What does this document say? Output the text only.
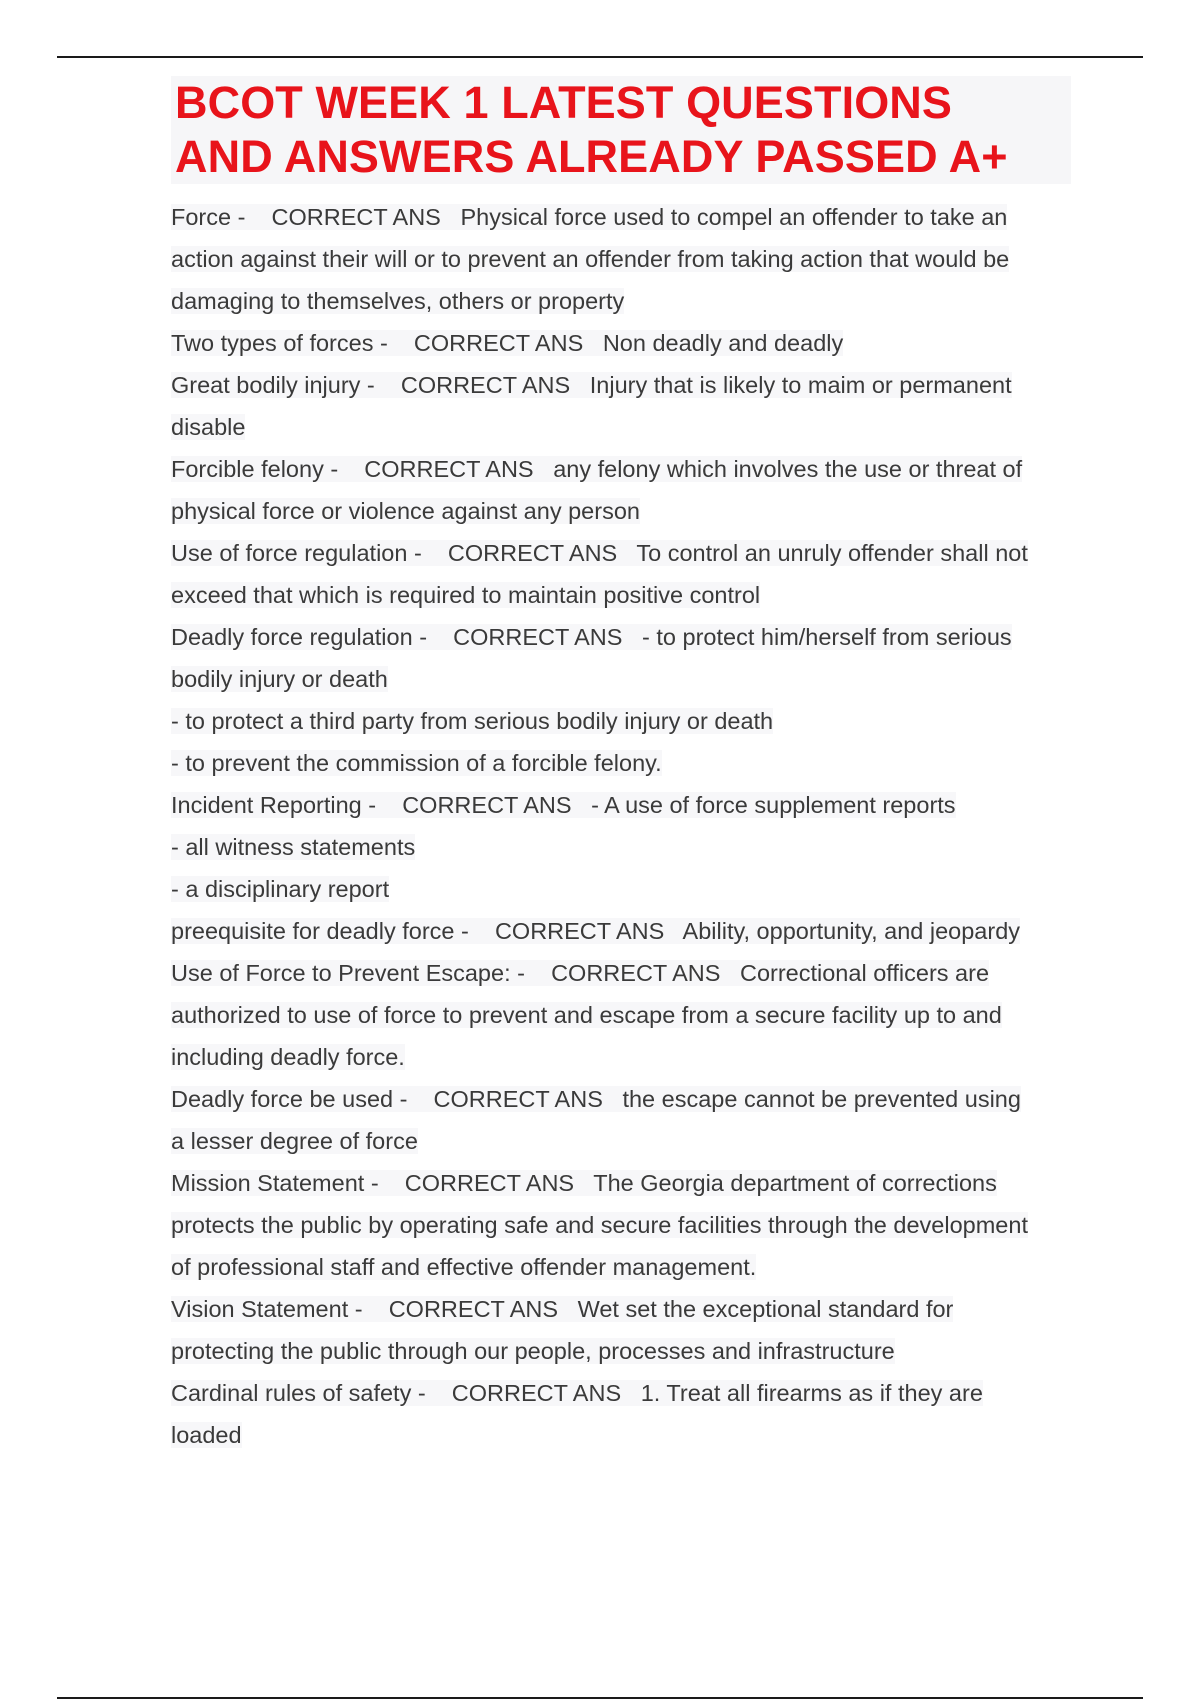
BCOT WEEK 1 LATEST QUESTIONS
AND ANSWERS ALREADY PASSED A+
Force -    CORRECT ANS   Physical force used to compel an offender to take an
action against their will or to prevent an offender from taking action that would be
damaging to themselves, others or property
Two types of forces -    CORRECT ANS   Non deadly and deadly
Great bodily injury -    CORRECT ANS   Injury that is likely to maim or permanent
disable
Forcible felony -    CORRECT ANS   any felony which involves the use or threat of
physical force or violence against any person
Use of force regulation -    CORRECT ANS   To control an unruly offender shall not
exceed that which is required to maintain positive control
Deadly force regulation -    CORRECT ANS   - to protect him/herself from serious
bodily injury or death
- to protect a third party from serious bodily injury or death
- to prevent the commission of a forcible felony.
Incident Reporting -    CORRECT ANS   - A use of force supplement reports
- all witness statements
- a disciplinary report
preequisite for deadly force -    CORRECT ANS   Ability, opportunity, and jeopardy
Use of Force to Prevent Escape: -    CORRECT ANS   Correctional officers are
authorized to use of force to prevent and escape from a secure facility up to and
including deadly force.
Deadly force be used -    CORRECT ANS   the escape cannot be prevented using
a lesser degree of force
Mission Statement -    CORRECT ANS   The Georgia department of corrections
protects the public by operating safe and secure facilities through the development
of professional staff and effective offender management.
Vision Statement -    CORRECT ANS   Wet set the exceptional standard for
protecting the public through our people, processes and infrastructure
Cardinal rules of safety -    CORRECT ANS   1. Treat all firearms as if they are
loaded
